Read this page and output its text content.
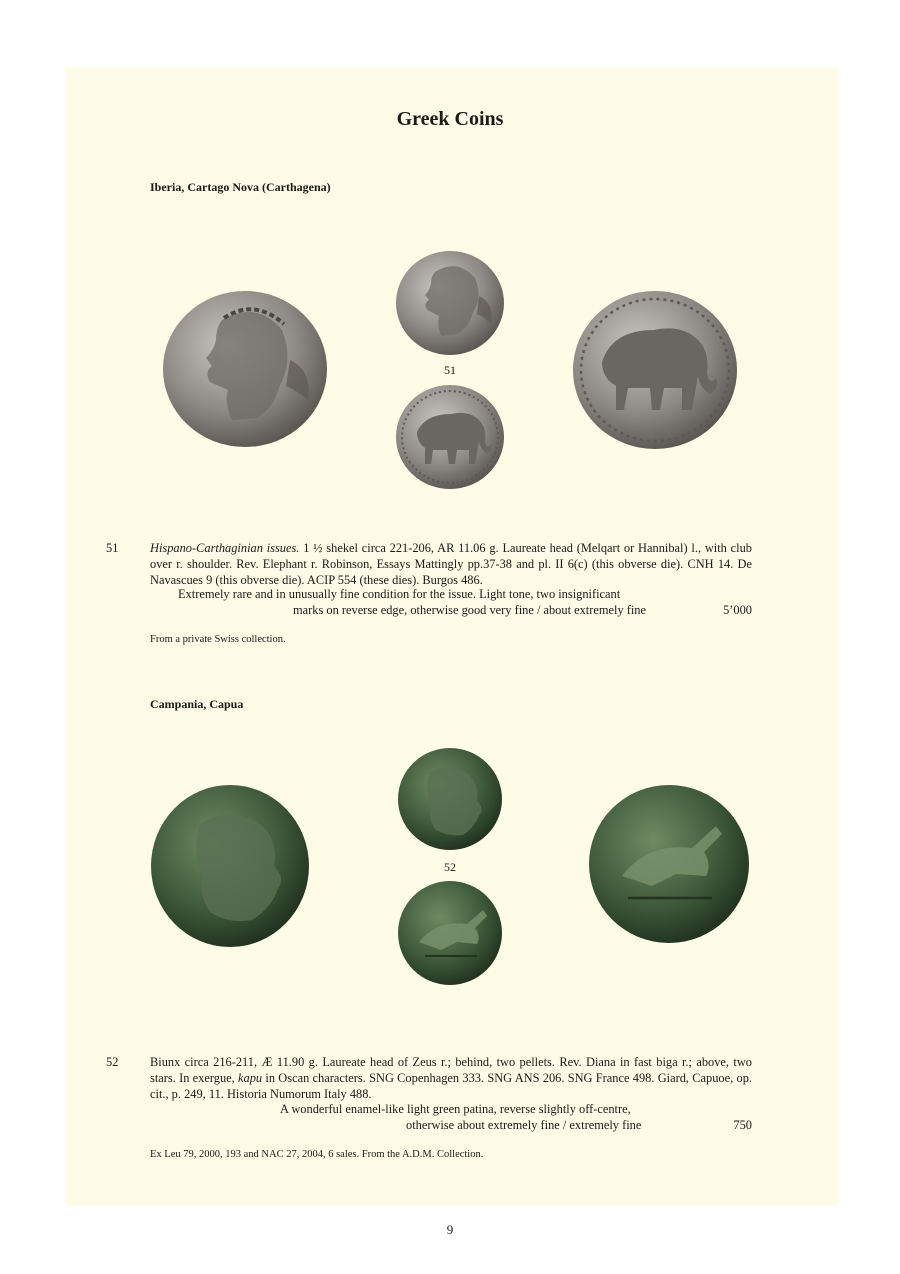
Greek Coins
Iberia, Cartago Nova (Carthagena)
51
51	Hispano-Carthaginian issues. 1 ½ shekel circa 221-206, AR 11.06 g. Laureate head (Melqart or Hannibal) l., with club over r. shoulder. Rev. Elephant r. Robinson, Essays Mattingly pp.37-38 and pl. II 6(c) (this obverse die). CNH 14. De Navascues 9 (this obverse die). ACIP 554 (these dies). Burgos 486.
Extremely rare and in unusually fine condition for the issue. Light tone, two insignificant
marks on reverse edge, otherwise good very fine / about extremely fine	5’000
From a private Swiss collection.
Campania, Capua
52
52	Biunx circa 216-211, Æ 11.90 g. Laureate head of Zeus r.; behind, two pellets. Rev. Diana in fast biga r.; above, two stars. In exergue, kapu in Oscan characters. SNG Copenhagen 333. SNG ANS 206. SNG France 498. Giard, Capuoe, op. cit., p. 249, 11. Historia Numorum Italy 488.
A wonderful enamel-like light green patina, reverse slightly off-centre,
otherwise about extremely fine / extremely fine	750
Ex Leu 79, 2000, 193 and NAC 27, 2004, 6 sales. From the A.D.M. Collection.
9
